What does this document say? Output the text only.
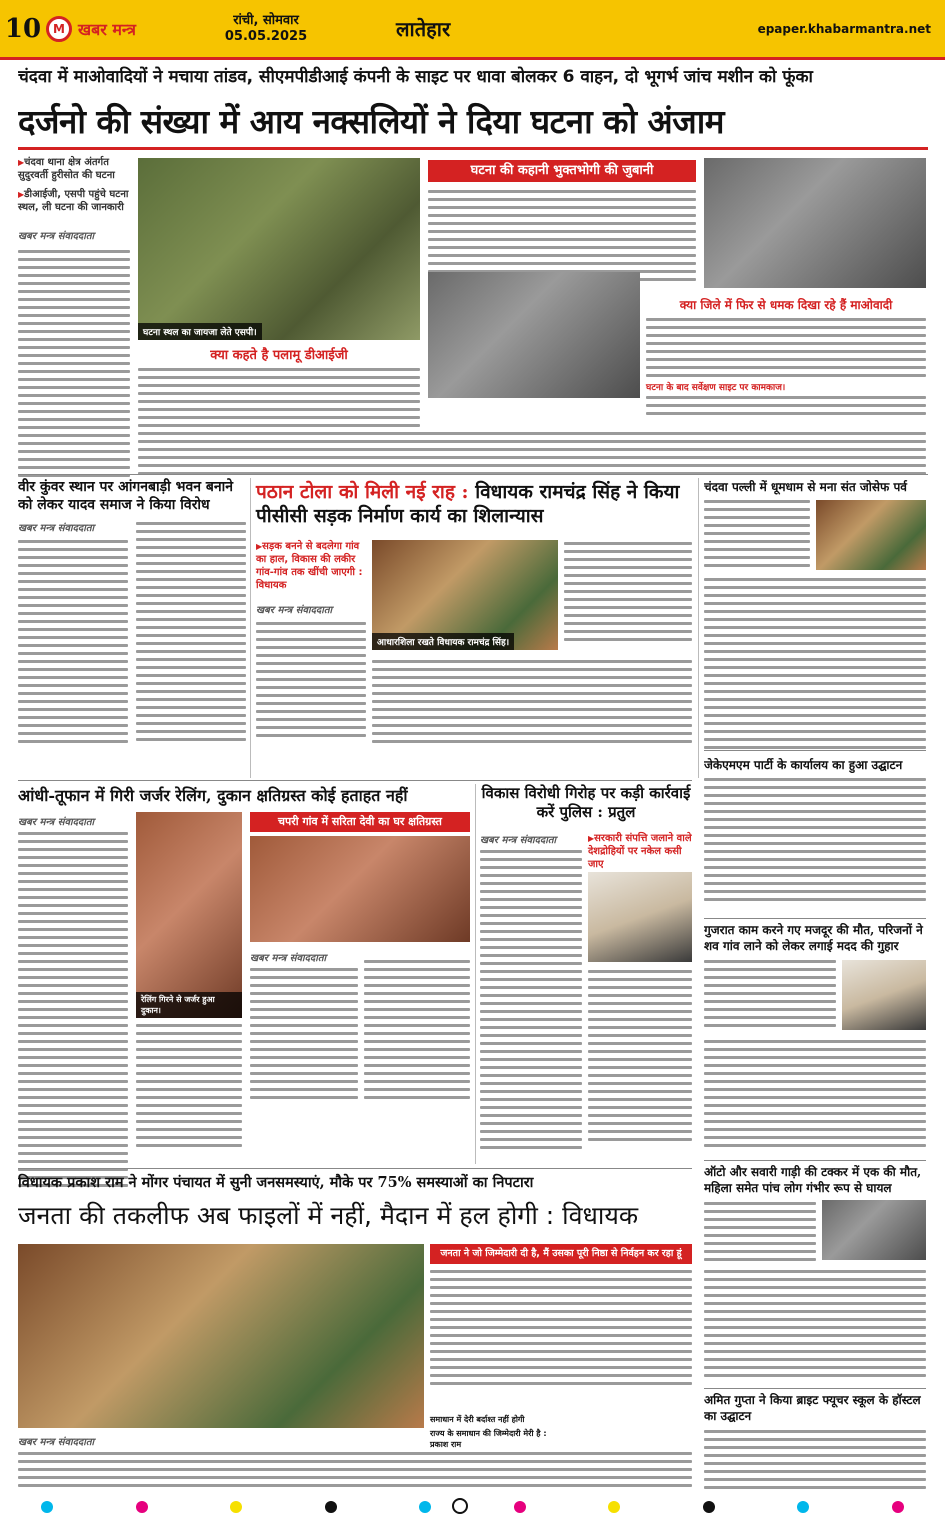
10 M खबर मन्त्र	रांची, सोमवार
05.05.2025	लातेहार	epaper.khabarmantra.net
चंदवा में माओवादियों ने मचाया तांडव, सीएमपीडीआई कंपनी के साइट पर धावा बोलकर 6 वाहन, दो भूगर्भ जांच मशीन को फूंका
दर्जनो की संख्या में आय नक्सलियों ने दिया घटना को अंजाम
▶ चंदवा थाना क्षेत्र अंतर्गत सुदुरवर्ती हुरीसोत की घटना
▶ डीआईजी, एसपी पहुंचे घटना स्थल, ली घटना की जानकारी
खबर मन्त्र संवाददाता
घटना स्थल का जायजा लेते एसपी।
घटना की कहानी भुक्तभोगी की जुबानी
क्या कहते है पलामू डीआईजी
क्या जिले में फिर से धमक दिखा रहे हैं माओवादी
घटना के बाद सर्वेक्षण साइट पर कामकाज।
वीर कुंवर स्थान पर आंगनबाड़ी भवन बनाने को लेकर यादव समाज ने किया विरोध
खबर मन्त्र संवाददाता
पठान टोला को मिली नई राह : विधायक रामचंद्र सिंह ने किया पीसीसी सड़क निर्माण कार्य का शिलान्यास
▶ सड़क बनने से बदलेगा गांव का हाल, विकास की लकीर गांव-गांव तक खींची जाएगी : विधायक
खबर मन्त्र संवाददाता
आधारशिला रखते विधायक रामचंद्र सिंह।
चंदवा पल्ली में धूमधाम से मना संत जोसेफ पर्व
जेकेएमएम पार्टी के कार्यालय का हुआ उद्घाटन
गुजरात काम करने गए मजदूर की मौत, परिजनों ने शव गांव लाने को लेकर लगाई मदद की गुहार
ऑटो और सवारी गाड़ी की टक्कर में एक की मौत, महिला समेत पांच लोग गंभीर रूप से घायल
अमित गुप्ता ने किया ब्राइट फ्यूचर स्कूल के हॉस्टल का उद्घाटन
आंधी-तूफान में गिरी जर्जर रेलिंग, दुकान क्षतिग्रस्त कोई हताहत नहीं
खबर मन्त्र संवाददाता
रेलिंग गिरने से जर्जर हुआ दुकान।
चपरी गांव में सरिता देवी का घर क्षतिग्रस्त
खबर मन्त्र संवाददाता
विकास विरोधी गिरोह पर कड़ी कार्रवाई करें पुलिस : प्रतुल
खबर मन्त्र संवाददाता
▶	सरकारी संपत्ति जलाने वाले देशद्रोहियों पर नकेल कसी जाए
विधायक प्रकाश राम ने मोंगर पंचायत में सुनी जनसमस्याएं, मौके पर 75% समस्याओं का निपटारा
जनता की तकलीफ अब फाइलों में नहीं, मैदान में हल होगी : विधायक
जनता ने जो जिम्मेदारी दी है, मैं उसका पूरी निष्ठा से निर्वहन कर रहा हूं
खबर मन्त्र संवाददाता
समाधान में देरी बर्दाश्त नहीं होगी
राज्य के समाधान की जिम्मेदारी मेरी है : प्रकाश राम
